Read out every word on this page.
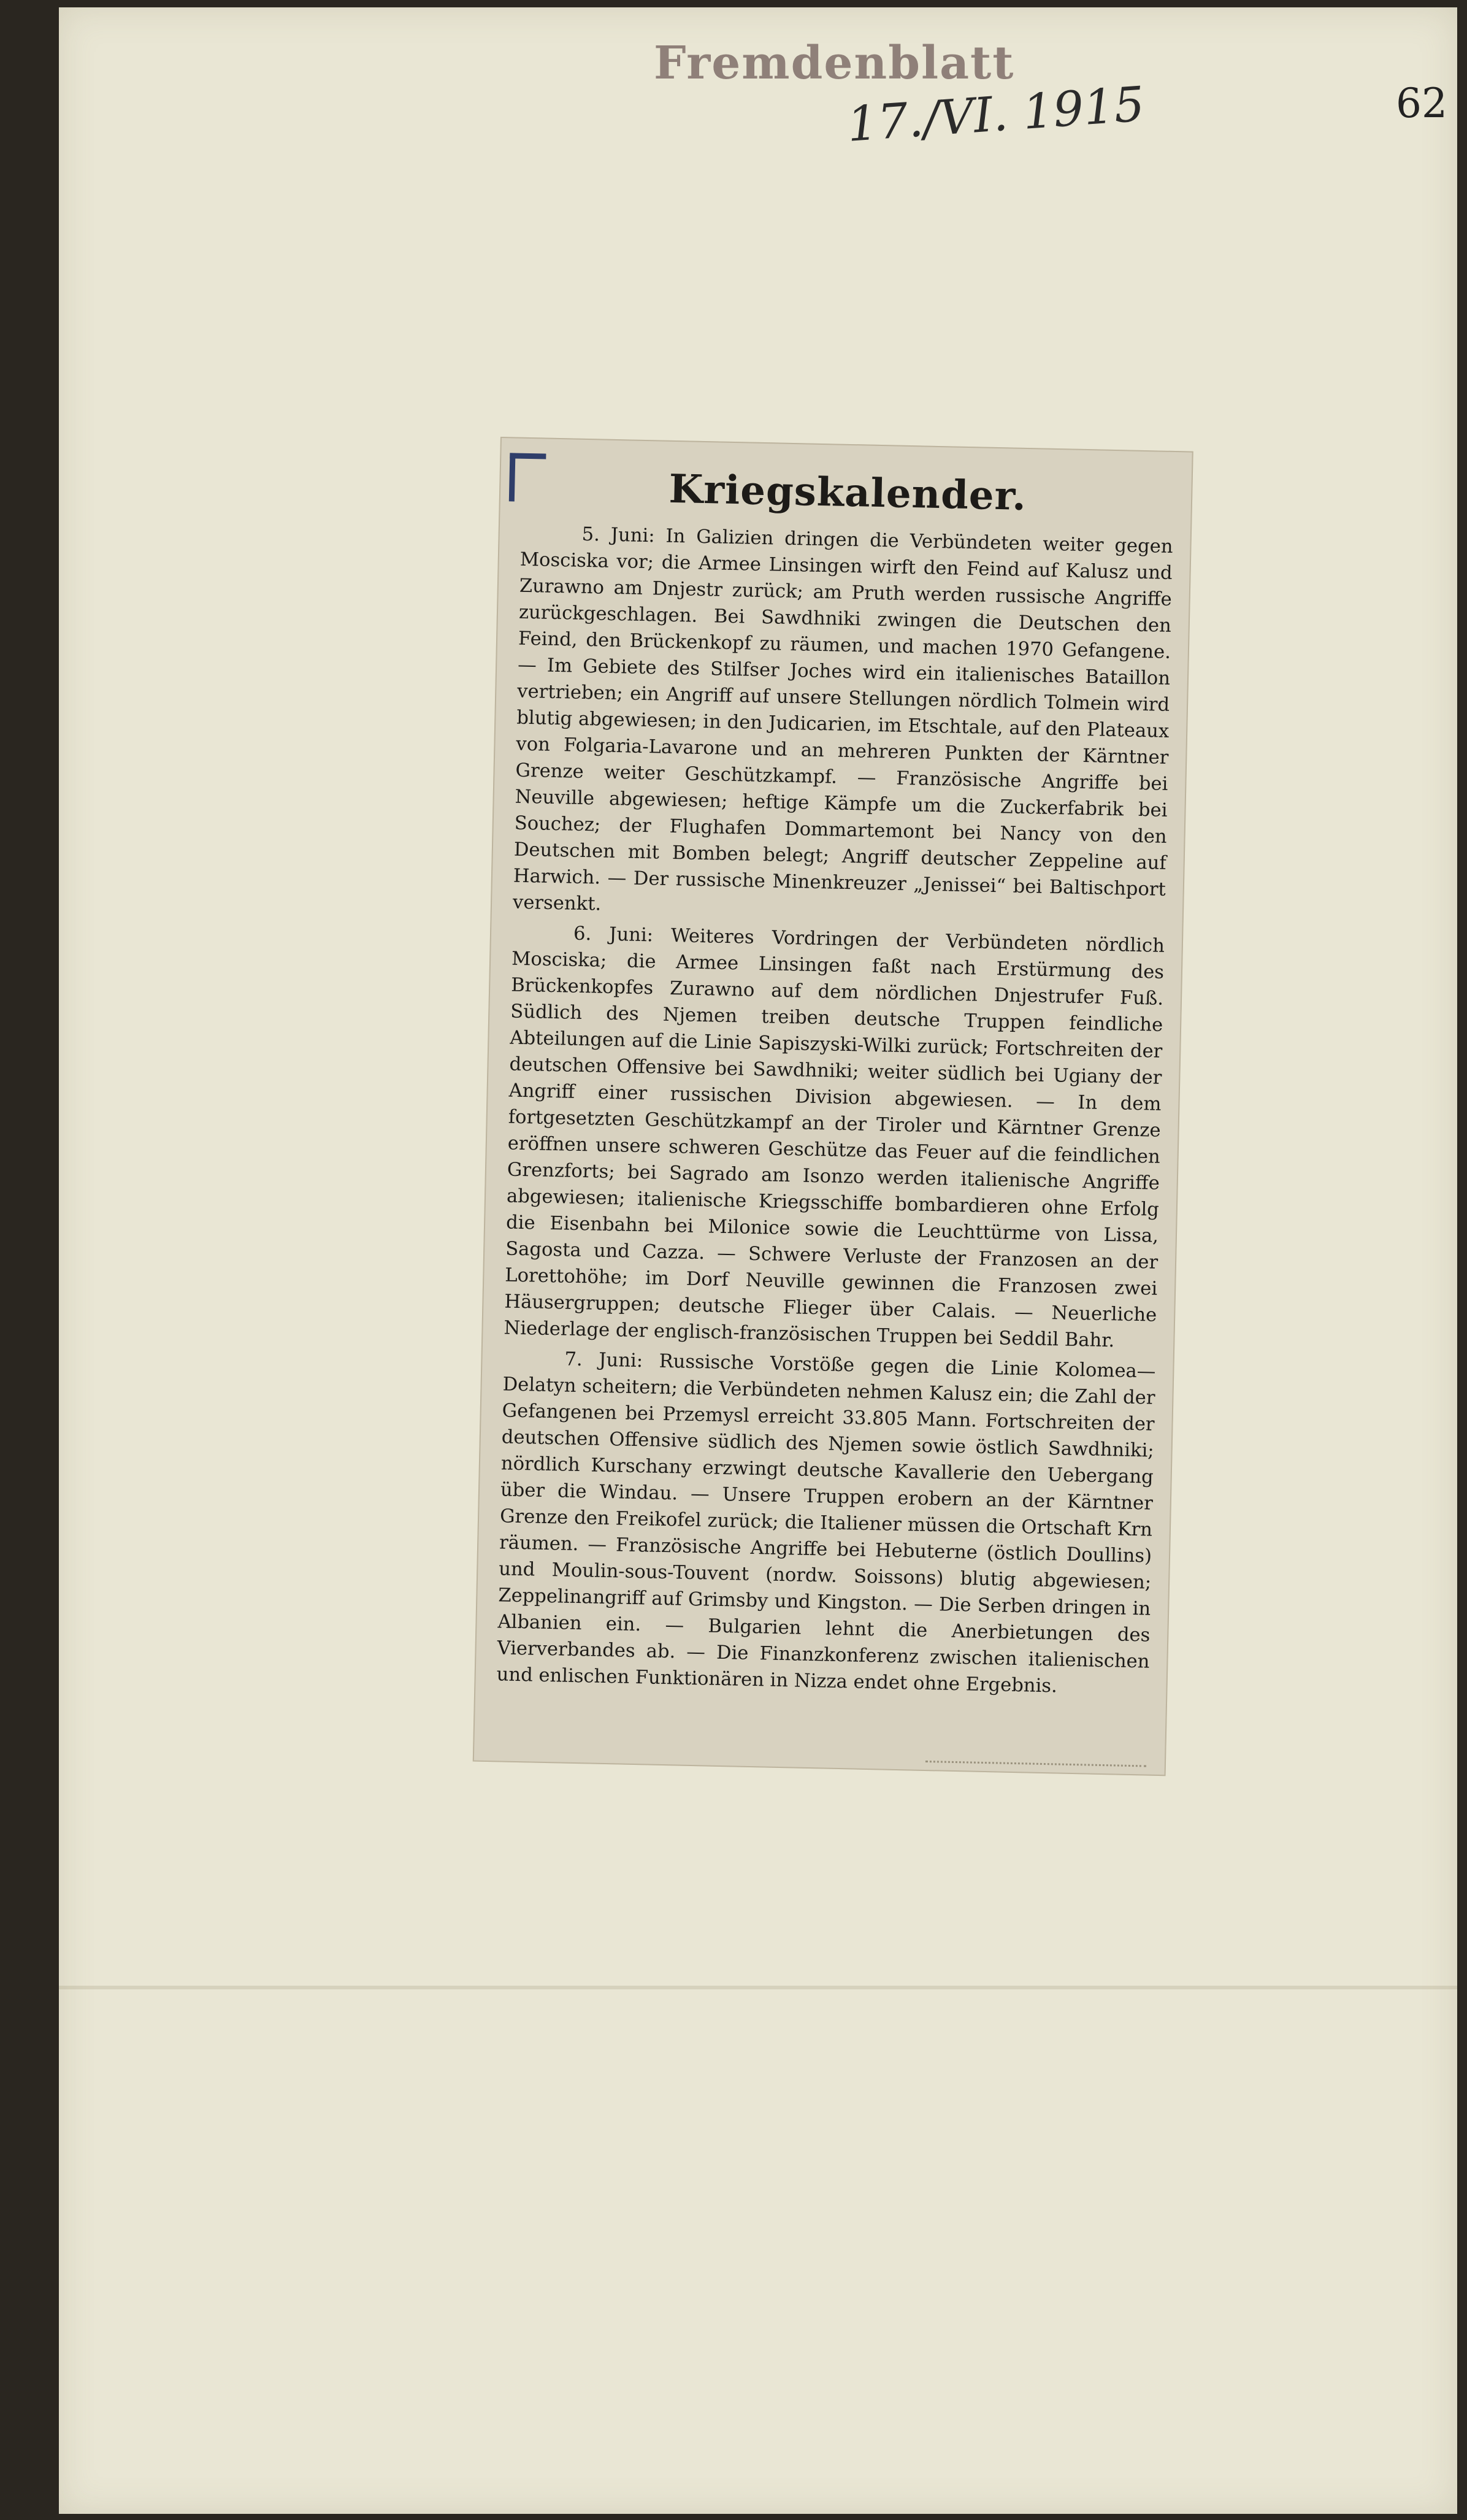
Fremdenblatt
17./VI. 1915	62
Kriegskalender.

5. Juni: In Galizien dringen die Verbündeten weiter gegen Mosciska vor; die Armee Linsingen wirft den Feind auf Kalusz und Zurawno am Dnjestr zurück; am Pruth werden russische Angriffe zurückgeschlagen. Bei Sawdhniki zwingen die Deutschen den Feind, den Brückenkopf zu räumen, und machen 1970 Gefangene. — Im Gebiete des Stilfser Joches wird ein italienisches Bataillon vertrieben; ein Angriff auf unsere Stellungen nördlich Tolmein wird blutig abgewiesen; in den Judicarien, im Etschtale, auf den Plateaux von Folgaria-Lavarone und an mehreren Punkten der Kärntner Grenze weiter Geschützkampf. — Französische Angriffe bei Neuville abgewiesen; heftige Kämpfe um die Zuckerfabrik bei Souchez; der Flughafen Dommartemont bei Nancy von den Deutschen mit Bomben belegt; Angriff deutscher Zeppeline auf Harwich. — Der russische Minenkreuzer „Jenissei“ bei Baltischport versenkt.

6. Juni: Weiteres Vordringen der Verbündeten nördlich Mosciska; die Armee Linsingen faßt nach Erstürmung des Brückenkopfes Zurawno auf dem nördlichen Dnjestrufer Fuß. Südlich des Njemen treiben deutsche Truppen feindliche Abteilungen auf die Linie Sapiszyski-Wilki zurück; Fortschreiten der deutschen Offensive bei Sawdhniki; weiter südlich bei Ugiany der Angriff einer russischen Division abgewiesen. — In dem fortgesetzten Geschützkampf an der Tiroler und Kärntner Grenze eröffnen unsere schweren Geschütze das Feuer auf die feindlichen Grenzforts; bei Sagrado am Isonzo werden italienische Angriffe abgewiesen; italienische Kriegsschiffe bombardieren ohne Erfolg die Eisenbahn bei Milonice sowie die Leuchttürme von Lissa, Sagosta und Cazza. — Schwere Verluste der Franzosen an der Lorettohöhe; im Dorf Neuville gewinnen die Franzosen zwei Häusergruppen; deutsche Flieger über Calais. — Neuerliche Niederlage der englisch-französischen Truppen bei Seddil Bahr.

7. Juni: Russische Vorstöße gegen die Linie Kolomea—Delatyn scheitern; die Verbündeten nehmen Kalusz ein; die Zahl der Gefangenen bei Przemysl erreicht 33.805 Mann. Fortschreiten der deutschen Offensive südlich des Njemen sowie östlich Sawdhniki; nördlich Kurschany erzwingt deutsche Kavallerie den Uebergang über die Windau. — Unsere Truppen erobern an der Kärntner Grenze den Freikofel zurück; die Italiener müssen die Ortschaft Krn räumen. — Französische Angriffe bei Hebuterne (östlich Doullins) und Moulin-sous-Touvent (nordw. Soissons) blutig abgewiesen; Zeppelinangriff auf Grimsby und Kingston. — Die Serben dringen in Albanien ein. — Bulgarien lehnt die Anerbietungen des Vierverbandes ab. — Die Finanzkonferenz zwischen italienischen und enlischen Funktionären in Nizza endet ohne Ergebnis.
